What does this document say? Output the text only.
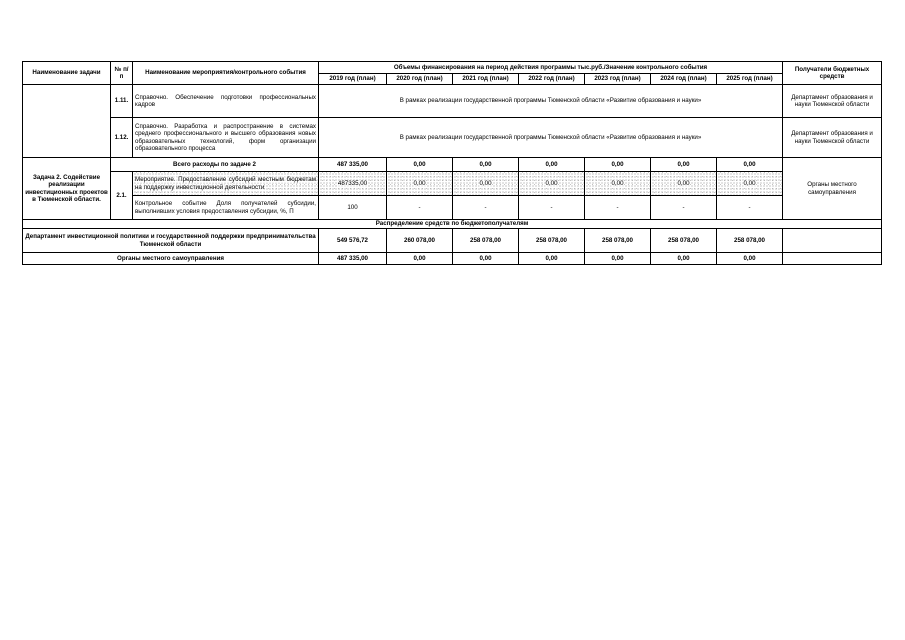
Наименование задачи	№ п/п	Наименование мероприятия/контрольного события	Объемы финансирования на период действия программы тыс.руб./Значение контрольного события							Получатели бюджетных средств
			2019 год (план)	2020 год (план)	2021 год (план)	2022 год (план)	2023 год (план)	2024 год (план)	2025 год (план)	
	1.11.	Справочно. Обеспечение подготовки профессиональных кадров	В рамках реализации государственной программы Тюменской области «Развитие образования и науки»							Департамент образования и науки Тюменской области
	1.12.	Справочно. Разработка и распространение в системах среднего профессионального и высшего образования новых образовательных технологий, форм организации образовательного процесса	В рамках реализации государственной программы Тюменской области «Развитие образования и науки»							Департамент образования и науки Тюменской области
Задача 2. Содействие реализации инвестиционных проектов в Тюменской области.	Всего расходы по задаче 2		487 335,00	0,00	0,00	0,00	0,00	0,00	0,00	Органы местного самоуправления
	2.1.	Мероприятие. Предоставление субсидий местным бюджетам на поддержку инвестиционной деятельности	487335,00	0,00	0,00	0,00	0,00	0,00	0,00	
		Контрольное событие Доля получателей субсидии, выполнивших условия предоставления субсидии, %, П	100	-	-	-	-	-	-	
Распределение средств по бюджетополучателям										
Департамент инвестиционной политики и государственной поддержки предпринимательства Тюменской области			549 576,72	260 078,00	258 078,00	258 078,00	258 078,00	258 078,00	258 078,00	
Органы местного самоуправления			487 335,00	0,00	0,00	0,00	0,00	0,00	0,00	
